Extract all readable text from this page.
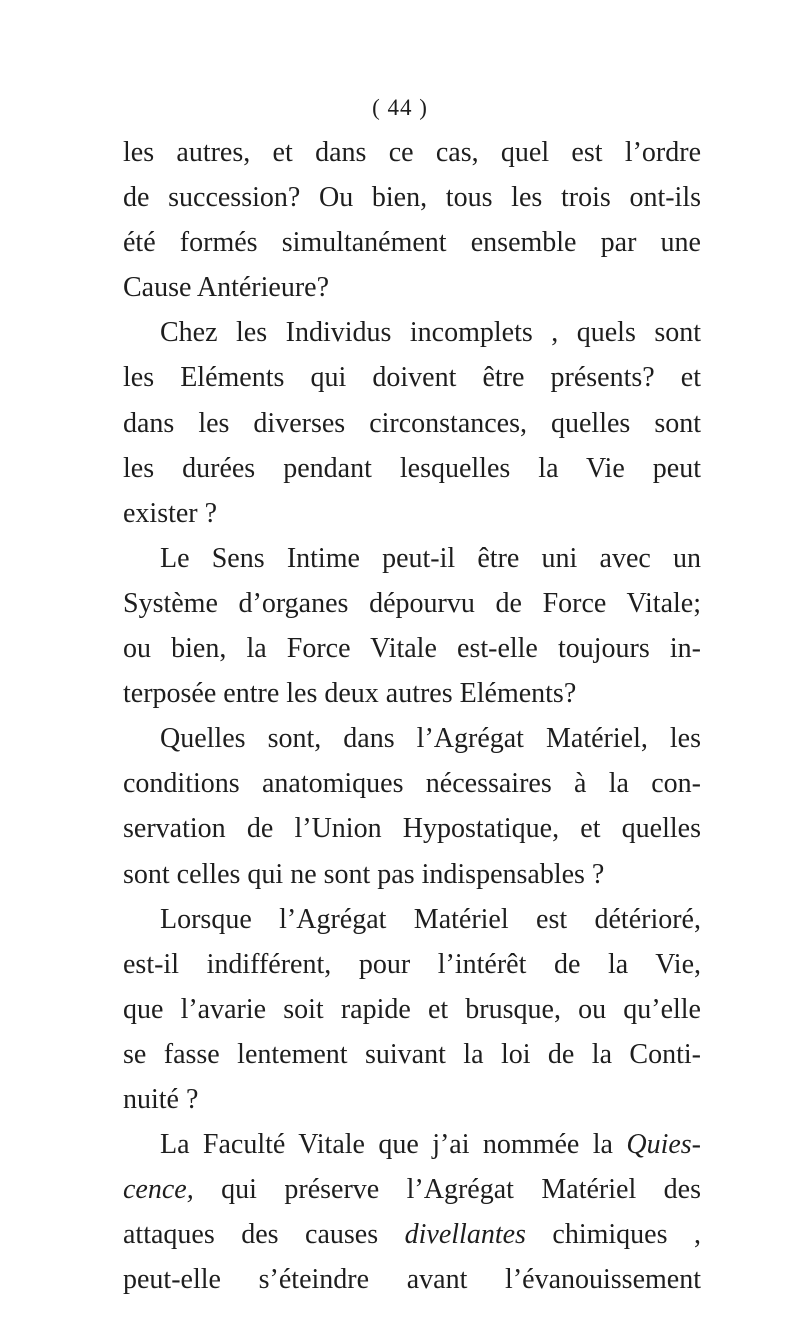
( 44 )
les autres, et dans ce cas, quel est l’ordre
de succession? Ou bien, tous les trois ont-ils
été formés simultanément ensemble par une
Cause Antérieure?
Chez les Individus incomplets , quels sont
les Eléments qui doivent être présents? et
dans les diverses circonstances, quelles sont
les durées pendant lesquelles la Vie peut
exister ?
Le Sens Intime peut-il être uni avec un
Système d’organes dépourvu de Force Vitale;
ou bien, la Force Vitale est-elle toujours in-
terposée entre les deux autres Eléments?
Quelles sont, dans l’Agrégat Matériel, les
conditions anatomiques nécessaires à la con-
servation de l’Union Hypostatique, et quelles
sont celles qui ne sont pas indispensables ?
Lorsque l’Agrégat Matériel est détérioré,
est-il indifférent, pour l’intérêt de la Vie,
que l’avarie soit rapide et brusque, ou qu’elle
se fasse lentement suivant la loi de la Conti-
nuité ?
La Faculté Vitale que j’ai nommée la Quies-
cence, qui préserve l’Agrégat Matériel des
attaques des causes divellantes chimiques ,
peut-elle s’éteindre avant l’évanouissement
